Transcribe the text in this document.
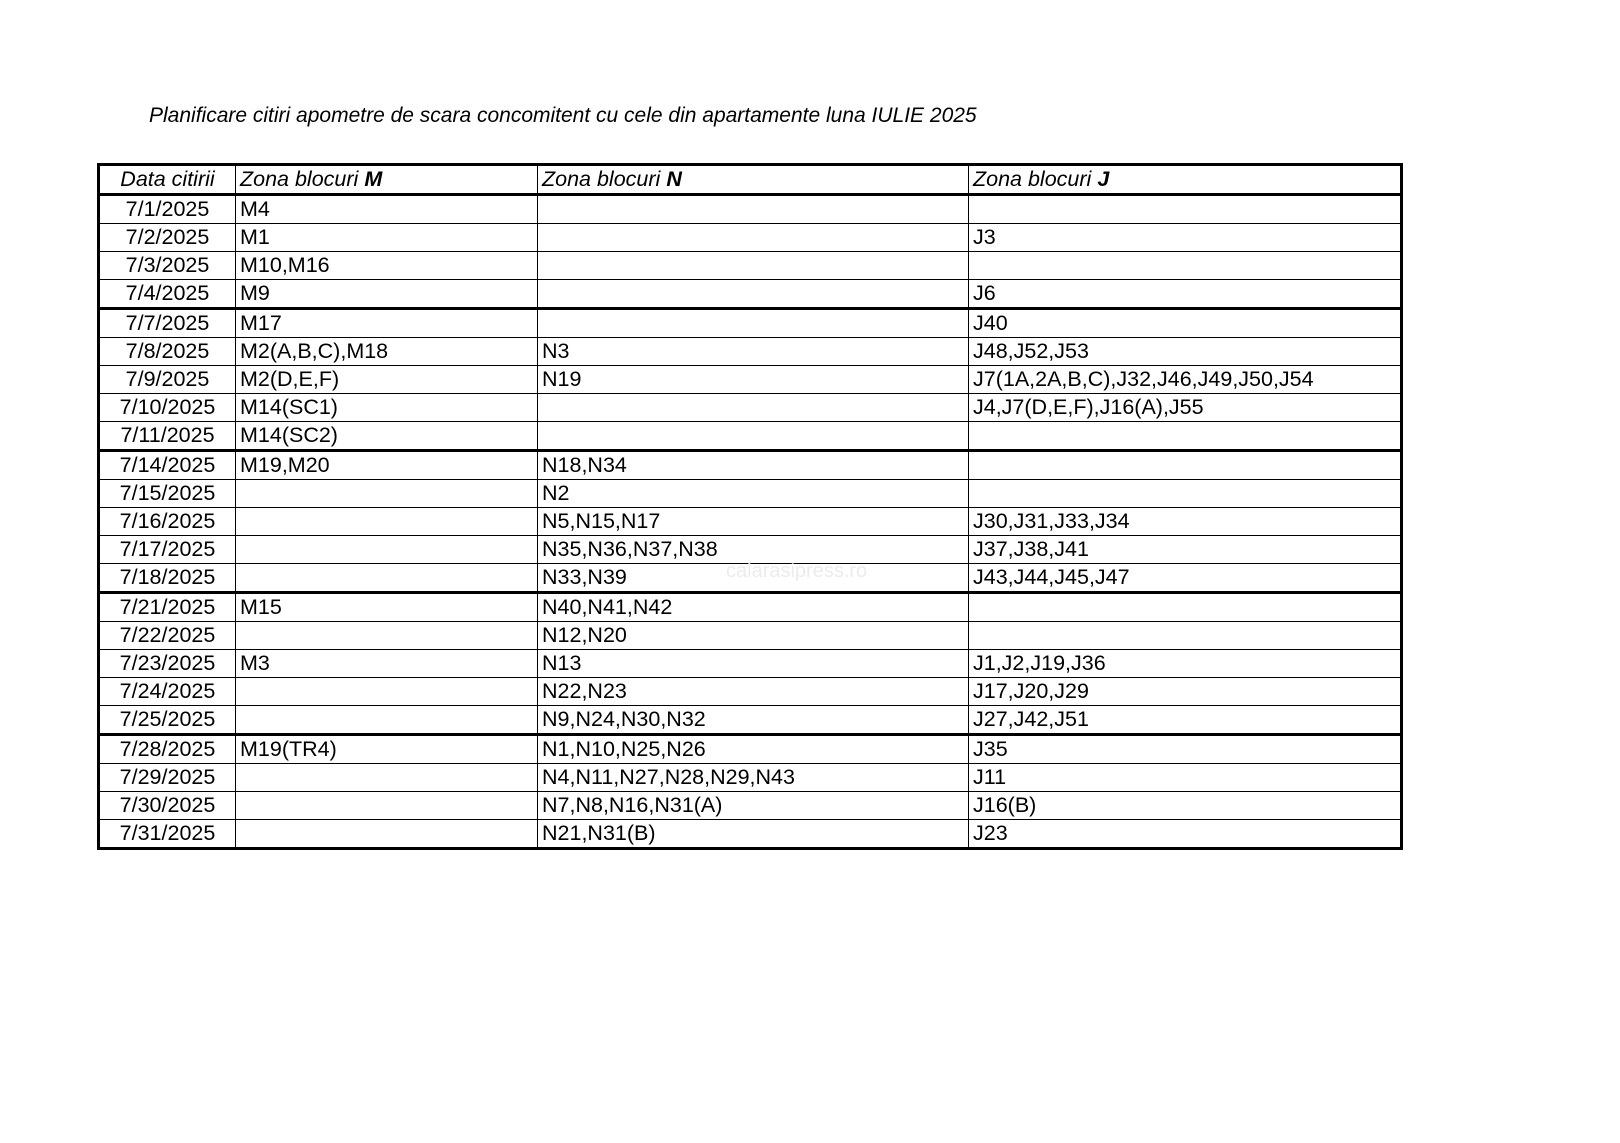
Planificare citiri apometre de scara concomitent cu cele din apartamente luna IULIE 2025
Data citirii	Zona blocuri M	Zona blocuri N	Zona blocuri J
7/1/2025	M4		
7/2/2025	M1		J3
7/3/2025	M10,M16		
7/4/2025	M9		J6
7/7/2025	M17		J40
7/8/2025	M2(A,B,C),M18	N3	J48,J52,J53
7/9/2025	M2(D,E,F)	N19	J7(1A,2A,B,C),J32,J46,J49,J50,J54
7/10/2025	M14(SC1)		J4,J7(D,E,F),J16(A),J55
7/11/2025	M14(SC2)		
7/14/2025	M19,M20	N18,N34	
7/15/2025		N2	
7/16/2025		N5,N15,N17	J30,J31,J33,J34
7/17/2025		N35,N36,N37,N38	J37,J38,J41
7/18/2025		N33,N39	J43,J44,J45,J47
7/21/2025	M15	N40,N41,N42	
7/22/2025		N12,N20	
7/23/2025	M3	N13	J1,J2,J19,J36
7/24/2025		N22,N23	J17,J20,J29
7/25/2025		N9,N24,N30,N32	J27,J42,J51
7/28/2025	M19(TR4)	N1,N10,N25,N26	J35
7/29/2025		N4,N11,N27,N28,N29,N43	J11
7/30/2025		N7,N8,N16,N31(A)	J16(B)
7/31/2025		N21,N31(B)	J23
calarasipress.ro
